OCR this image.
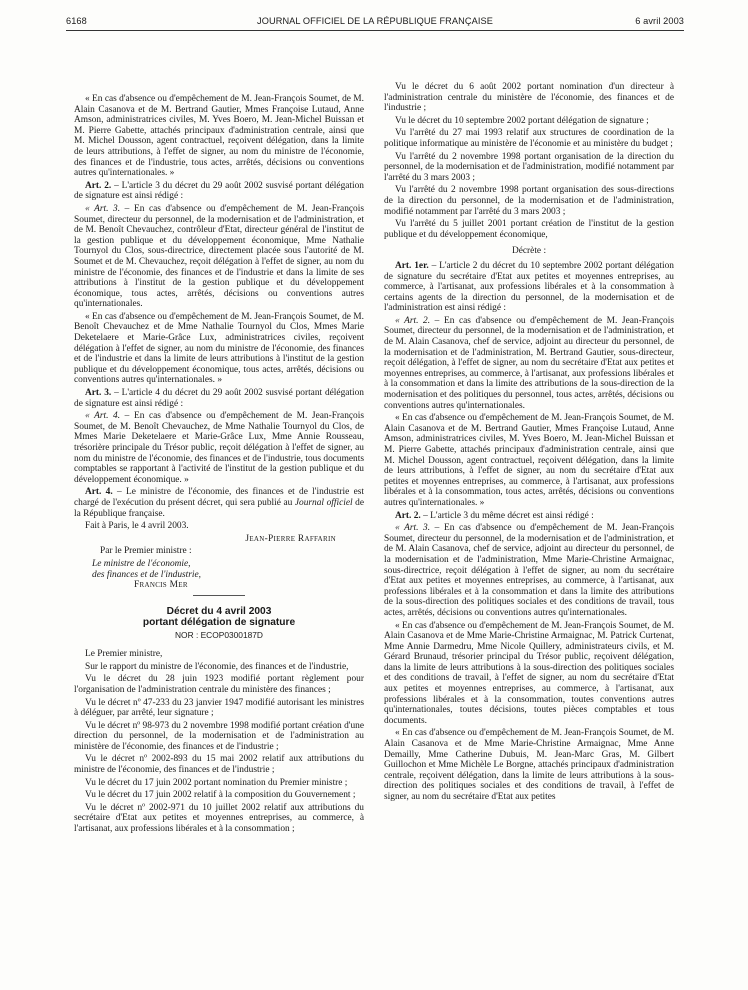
6168	JOURNAL OFFICIEL DE LA RÉPUBLIQUE FRANÇAISE	6 avril 2003

« En cas d'absence ou d'empêchement de M. Jean-François Soumet, de M. Alain Casanova et de M. Bertrand Gautier, Mmes Françoise Lutaud, Anne Amson, administratrices civiles, M. Yves Boero, M. Jean-Michel Buissan et M. Pierre Gabette, attachés principaux d'administration centrale, ainsi que M. Michel Dousson, agent contractuel, reçoivent délégation, dans la limite de leurs attributions, à l'effet de signer, au nom du ministre de l'économie, des finances et de l'industrie, tous actes, arrêtés, décisions ou conventions autres qu'internationales. »

Art. 2. – L'article 3 du décret du 29 août 2002 susvisé portant délégation de signature est ainsi rédigé :

« Art. 3. – En cas d'absence ou d'empêchement de M. Jean-François Soumet, directeur du personnel, de la modernisation et de l'administration, et de M. Benoît Chevauchez, contrôleur d'Etat, directeur général de l'institut de la gestion publique et du développement économique, Mme Nathalie Tournyol du Clos, sous-directrice, directement placée sous l'autorité de M. Soumet et de M. Chevauchez, reçoit délégation à l'effet de signer, au nom du ministre de l'économie, des finances et de l'industrie et dans la limite de ses attributions à l'institut de la gestion publique et du développement économique, tous actes, arrêtés, décisions ou conventions autres qu'internationales.

« En cas d'absence ou d'empêchement de M. Jean-François Soumet, de M. Benoît Chevauchez et de Mme Nathalie Tournyol du Clos, Mmes Marie Deketelaere et Marie-Grâce Lux, administratrices civiles, reçoivent délégation à l'effet de signer, au nom du ministre de l'économie, des finances et de l'industrie et dans la limite de leurs attributions à l'institut de la gestion publique et du développement économique, tous actes, arrêtés, décisions ou conventions autres qu'internationales. »

Art. 3. – L'article 4 du décret du 29 août 2002 susvisé portant délégation de signature est ainsi rédigé :

« Art. 4. – En cas d'absence ou d'empêchement de M. Jean-François Soumet, de M. Benoît Chevauchez, de Mme Nathalie Tournyol du Clos, de Mmes Marie Deketelaere et Marie-Grâce Lux, Mme Annie Rousseau, trésorière principale du Trésor public, reçoit délégation à l'effet de signer, au nom du ministre de l'économie, des finances et de l'industrie, tous documents comptables se rapportant à l'activité de l'institut de la gestion publique et du développement économique. »

Art. 4. – Le ministre de l'économie, des finances et de l'industrie est chargé de l'exécution du présent décret, qui sera publié au Journal officiel de la République française.

Fait à Paris, le 4 avril 2003.

Jean-Pierre Raffarin

Par le Premier ministre :

Le ministre de l'économie,

des finances et de l'industrie,

Francis Mer

Décret du 4 avril 2003
portant délégation de signature
NOR : ECOP0300187D

Le Premier ministre,

Sur le rapport du ministre de l'économie, des finances et de l'industrie,

Vu le décret du 28 juin 1923 modifié portant règlement pour l'organisation de l'administration centrale du ministère des finances ;

Vu le décret nº 47-233 du 23 janvier 1947 modifié autorisant les ministres à déléguer, par arrêté, leur signature ;

Vu le décret nº 98-973 du 2 novembre 1998 modifié portant création d'une direction du personnel, de la modernisation et de l'administration au ministère de l'économie, des finances et de l'industrie ;

Vu le décret nº 2002-893 du 15 mai 2002 relatif aux attributions du ministre de l'économie, des finances et de l'industrie ;

Vu le décret du 17 juin 2002 portant nomination du Premier ministre ;

Vu le décret du 17 juin 2002 relatif à la composition du Gouvernement ;

Vu le décret nº 2002-971 du 10 juillet 2002 relatif aux attributions du secrétaire d'Etat aux petites et moyennes entreprises, au commerce, à l'artisanat, aux professions libérales et à la consommation ;

Vu le décret du 6 août 2002 portant nomination d'un directeur à l'administration centrale du ministère de l'économie, des finances et de l'industrie ;

Vu le décret du 10 septembre 2002 portant délégation de signature ;

Vu l'arrêté du 27 mai 1993 relatif aux structures de coordination de la politique informatique au ministère de l'économie et au ministère du budget ;

Vu l'arrêté du 2 novembre 1998 portant organisation de la direction du personnel, de la modernisation et de l'administration, modifié notamment par l'arrêté du 3 mars 2003 ;

Vu l'arrêté du 2 novembre 1998 portant organisation des sous-directions de la direction du personnel, de la modernisation et de l'administration, modifié notamment par l'arrêté du 3 mars 2003 ;

Vu l'arrêté du 5 juillet 2001 portant création de l'institut de la gestion publique et du développement économique,

Décrète :

Art. 1er. – L'article 2 du décret du 10 septembre 2002 portant délégation de signature du secrétaire d'Etat aux petites et moyennes entreprises, au commerce, à l'artisanat, aux professions libérales et à la consommation à certains agents de la direction du personnel, de la modernisation et de l'administration est ainsi rédigé :

« Art. 2. – En cas d'absence ou d'empêchement de M. Jean-François Soumet, directeur du personnel, de la modernisation et de l'administration, et de M. Alain Casanova, chef de service, adjoint au directeur du personnel, de la modernisation et de l'administration, M. Bertrand Gautier, sous-directeur, reçoit délégation, à l'effet de signer, au nom du secrétaire d'Etat aux petites et moyennes entreprises, au commerce, à l'artisanat, aux professions libérales et à la consommation et dans la limite des attributions de la sous-direction de la modernisation et des politiques du personnel, tous actes, arrêtés, décisions ou conventions autres qu'internationales.

« En cas d'absence ou d'empêchement de M. Jean-François Soumet, de M. Alain Casanova et de M. Bertrand Gautier, Mmes Françoise Lutaud, Anne Amson, administratrices civiles, M. Yves Boero, M. Jean-Michel Buissan et M. Pierre Gabette, attachés principaux d'administration centrale, ainsi que M. Michel Dousson, agent contractuel, reçoivent délégation, dans la limite de leurs attributions, à l'effet de signer, au nom du secrétaire d'Etat aux petites et moyennes entreprises, au commerce, à l'artisanat, aux professions libérales et à la consommation, tous actes, arrêtés, décisions ou conventions autres qu'internationales. »

Art. 2. – L'article 3 du même décret est ainsi rédigé :

« Art. 3. – En cas d'absence ou d'empêchement de M. Jean-François Soumet, directeur du personnel, de la modernisation et de l'administration, et de M. Alain Casanova, chef de service, adjoint au directeur du personnel, de la modernisation et de l'administration, Mme Marie-Christine Armaignac, sous-directrice, reçoit délégation à l'effet de signer, au nom du secrétaire d'Etat aux petites et moyennes entreprises, au commerce, à l'artisanat, aux professions libérales et à la consommation et dans la limite des attributions de la sous-direction des politiques sociales et des conditions de travail, tous actes, arrêtés, décisions ou conventions autres qu'internationales.

« En cas d'absence ou d'empêchement de M. Jean-François Soumet, de M. Alain Casanova et de Mme Marie-Christine Armaignac, M. Patrick Curtenat, Mme Annie Darmedru, Mme Nicole Quillery, administrateurs civils, et M. Gérard Brunaud, trésorier principal du Trésor public, reçoivent délégation, dans la limite de leurs attributions à la sous-direction des politiques sociales et des conditions de travail, à l'effet de signer, au nom du secrétaire d'Etat aux petites et moyennes entreprises, au commerce, à l'artisanat, aux professions libérales et à la consommation, toutes conventions autres qu'internationales, toutes décisions, toutes pièces comptables et tous documents.

« En cas d'absence ou d'empêchement de M. Jean-François Soumet, de M. Alain Casanova et de Mme Marie-Christine Armaignac, Mme Anne Demailly, Mme Catherine Dubuis, M. Jean-Marc Gras, M. Gilbert Guillochon et Mme Michèle Le Borgne, attachés principaux d'administration centrale, reçoivent délégation, dans la limite de leurs attributions à la sous-direction des politiques sociales et des conditions de travail, à l'effet de signer, au nom du secrétaire d'Etat aux petites
